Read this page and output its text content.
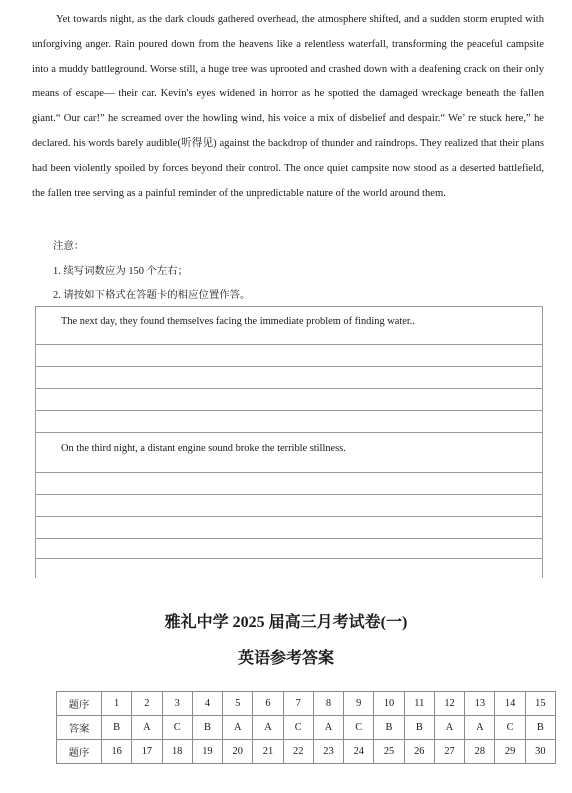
Yet towards night, as the dark clouds gathered overhead, the atmosphere shifted, and a sudden storm erupted with unforgiving anger. Rain poured down from the heavens like a relentless waterfall, transforming the peaceful campsite into a muddy battleground. Worse still, a huge tree was uprooted and crashed down with a deafening crack on their only means of escape— their car. Kevin's eyes widened in horror as he spotted the damaged wreckage beneath the fallen giant.“ Our car!” he screamed over the howling wind, his voice a mix of disbelief and despair.“ We’ re stuck here,” he declared. his words barely audible(听得见) against the backdrop of thunder and raindrops. They realized that their plans had been violently spoiled by forces beyond their control. The once quiet campsite now stood as a deserted battlefield, the fallen tree serving as a painful reminder of the unpredictable nature of the world around them.

注意：
1. 续写词数应为 150 个左右；
2. 请按如下格式在答题卡的相应位置作答。
The next day, they found themselves facing the immediate problem of finding water..
On the third night, a distant engine sound broke the terrible stillness.
雅礼中学 2025 届高三月考试卷(一)
英语参考答案
题序	1	2	3	4	5	6	7	8	9	10	11	12	13	14	15
答案	B	A	C	B	A	A	C	A	C	B	B	A	A	C	B
题序	16	17	18	19	20	21	22	23	24	25	26	27	28	29	30
